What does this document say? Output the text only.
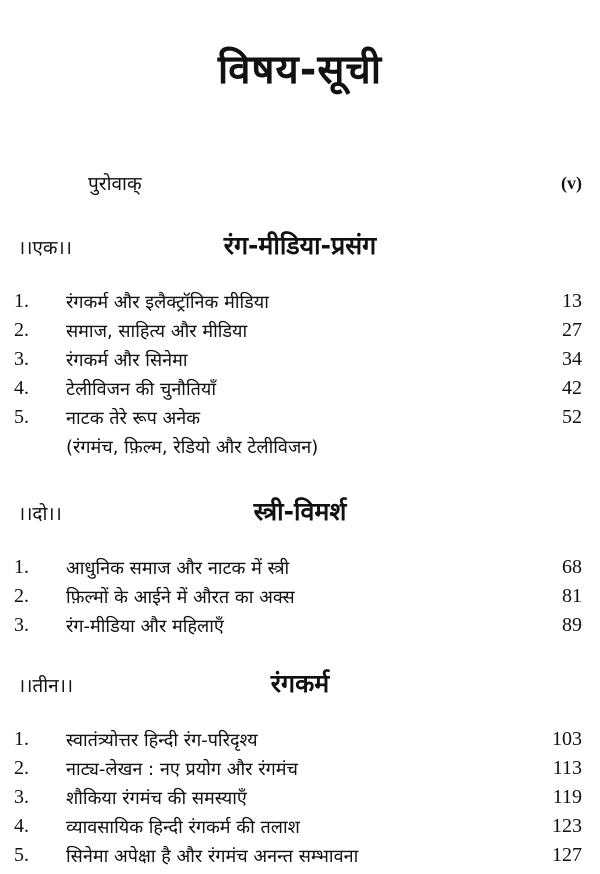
विषय-सूची
पुरोवाक्	(v)
।।एक।।	रंग-मीडिया-प्रसंग
1. रंगकर्म और इलैक्ट्रॉनिक मीडिया	13
2. समाज, साहित्य और मीडिया	27
3. रंगकर्म और सिनेमा	34
4. टेलीविजन की चुनौतियाँ	42
5. नाटक तेरे रूप अनेक	52
(रंगमंच, फ़िल्म, रेडियो और टेलीविजन)
।।दो।।	स्त्री-विमर्श
1. आधुनिक समाज और नाटक में स्त्री	68
2. फ़िल्मों के आईने में औरत का अक्स	81
3. रंग-मीडिया और महिलाएँ	89
।।तीन।।	रंगकर्म
1. स्वातंत्र्योत्तर हिन्दी रंग-परिदृश्य	103
2. नाट्य-लेखन : नए प्रयोग और रंगमंच	113
3. शौकिया रंगमंच की समस्याएँ	119
4. व्यावसायिक हिन्दी रंगकर्म की तलाश	123
5. सिनेमा अपेक्षा है और रंगमंच अनन्त सम्भावना	127
